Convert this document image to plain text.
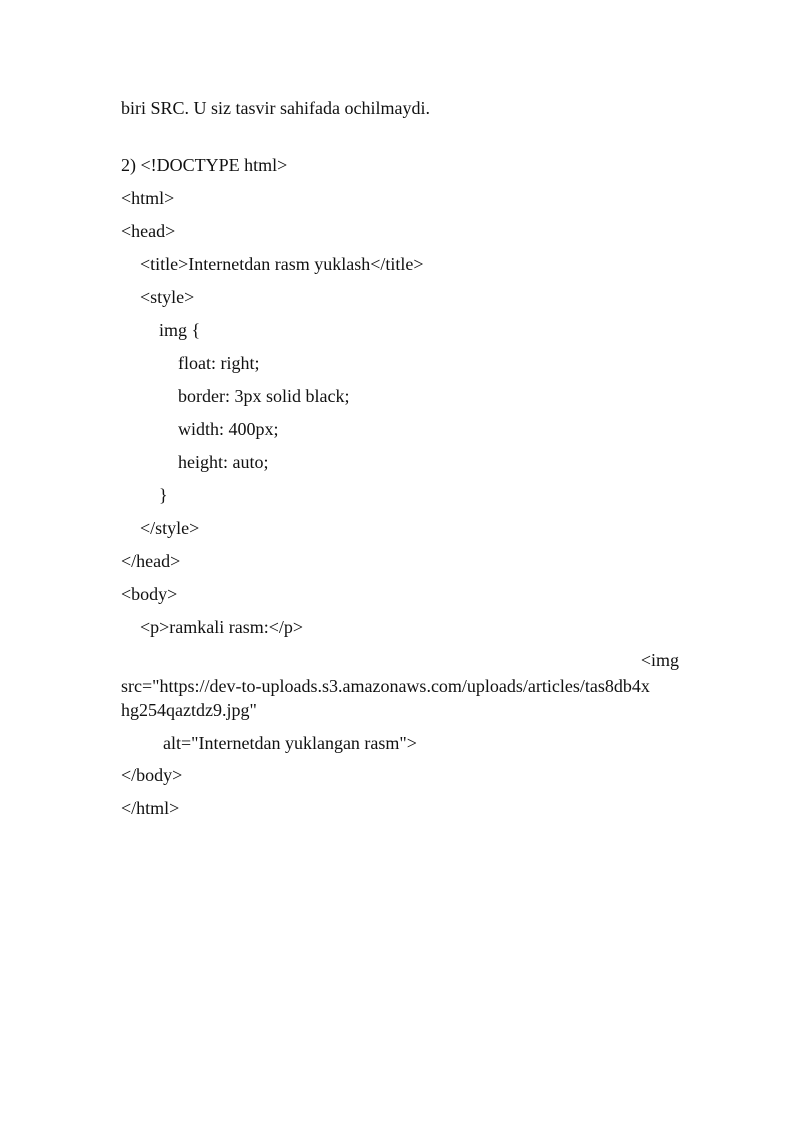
biri SRC. U siz tasvir sahifada ochilmaydi.
2) <!DOCTYPE html>
<html>
<head>
<title>Internetdan rasm yuklash</title>
<style>
img {
float: right;
border: 3px solid black;
width: 400px;
height: auto;
}
</style>
</head>
<body>
<p>ramkali rasm:</p>
<img
src="https://dev-to-uploads.s3.amazonaws.com/uploads/articles/tas8db4x
hg254qaztdz9.jpg"
alt="Internetdan yuklangan rasm">
</body>
</html>
